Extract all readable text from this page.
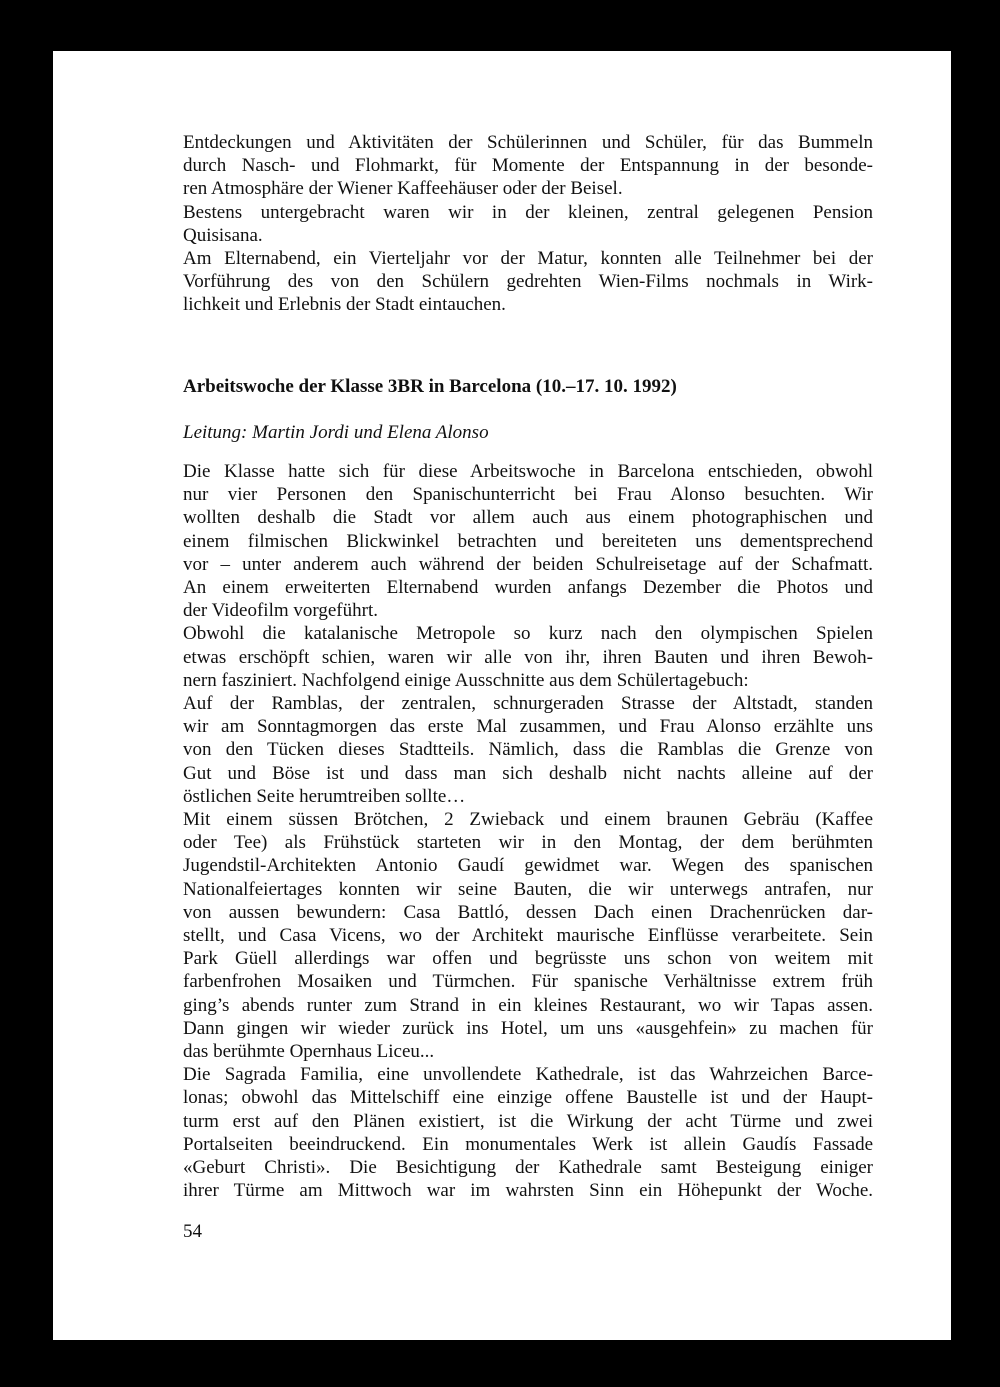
Entdeckungen und Aktivitäten der Schülerinnen und Schüler, für das Bummeln
durch Nasch- und Flohmarkt, für Momente der Entspannung in der besonde-
ren Atmosphäre der Wiener Kaffeehäuser oder der Beisel.
Bestens untergebracht waren wir in der kleinen, zentral gelegenen Pension
Quisisana.
Am Elternabend, ein Vierteljahr vor der Matur, konnten alle Teilnehmer bei der
Vorführung des von den Schülern gedrehten Wien-Films nochmals in Wirk-
lichkeit und Erlebnis der Stadt eintauchen.
Arbeitswoche der Klasse 3BR in Barcelona (10.–17. 10. 1992)

Leitung: Martin Jordi und Elena Alonso

Die Klasse hatte sich für diese Arbeitswoche in Barcelona entschieden, obwohl
nur vier Personen den Spanischunterricht bei Frau Alonso besuchten. Wir
wollten deshalb die Stadt vor allem auch aus einem photographischen und
einem filmischen Blickwinkel betrachten und bereiteten uns dementsprechend
vor – unter anderem auch während der beiden Schulreisetage auf der Schafmatt.
An einem erweiterten Elternabend wurden anfangs Dezember die Photos und
der Videofilm vorgeführt.
Obwohl die katalanische Metropole so kurz nach den olympischen Spielen
etwas erschöpft schien, waren wir alle von ihr, ihren Bauten und ihren Bewoh-
nern fasziniert. Nachfolgend einige Ausschnitte aus dem Schülertagebuch:
Auf der Ramblas, der zentralen, schnurgeraden Strasse der Altstadt, standen
wir am Sonntagmorgen das erste Mal zusammen, und Frau Alonso erzählte uns
von den Tücken dieses Stadtteils. Nämlich, dass die Ramblas die Grenze von
Gut und Böse ist und dass man sich deshalb nicht nachts alleine auf der
östlichen Seite herumtreiben sollte…
Mit einem süssen Brötchen, 2 Zwieback und einem braunen Gebräu (Kaffee
oder Tee) als Frühstück starteten wir in den Montag, der dem berühmten
Jugendstil-Architekten Antonio Gaudí gewidmet war. Wegen des spanischen
Nationalfeiertages konnten wir seine Bauten, die wir unterwegs antrafen, nur
von aussen bewundern: Casa Battló, dessen Dach einen Drachenrücken dar-
stellt, und Casa Vicens, wo der Architekt maurische Einflüsse verarbeitete. Sein
Park Güell allerdings war offen und begrüsste uns schon von weitem mit
farbenfrohen Mosaiken und Türmchen. Für spanische Verhältnisse extrem früh
ging’s abends runter zum Strand in ein kleines Restaurant, wo wir Tapas assen.
Dann gingen wir wieder zurück ins Hotel, um uns «ausgehfein» zu machen für
das berühmte Opernhaus Liceu...
Die Sagrada Familia, eine unvollendete Kathedrale, ist das Wahrzeichen Barce-
lonas; obwohl das Mittelschiff eine einzige offene Baustelle ist und der Haupt-
turm erst auf den Plänen existiert, ist die Wirkung der acht Türme und zwei
Portalseiten beeindruckend. Ein monumentales Werk ist allein Gaudís Fassade
«Geburt Christi». Die Besichtigung der Kathedrale samt Besteigung einiger
ihrer Türme am Mittwoch war im wahrsten Sinn ein Höhepunkt der Woche.
54
